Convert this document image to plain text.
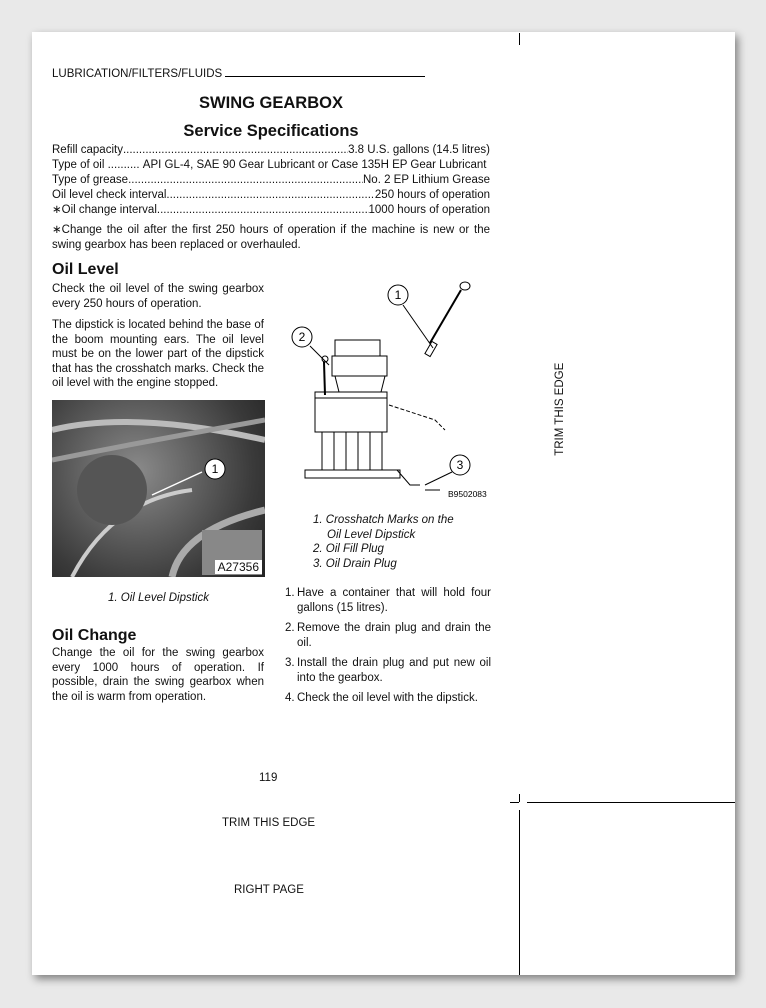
LUBRICATION/FILTERS/FLUIDS
SWING GEARBOX
Service Specifications
Refill capacity .....	3.8 U.S. gallons (14.5 litres)
Type of oil ..........
API GL-4, SAE 90 Gear Lubricant or Case 135H EP Gear Lubricant
Type of grease .....	No. 2 EP Lithium Grease
Oil level check interval .....	250 hours of operation
∗Oil change interval .....	1000 hours of operation
∗Change the oil after the first 250 hours of operation if the machine is new or the swing gearbox has been replaced or overhauled.
Oil Level
Check the oil level of the swing gearbox every 250 hours of operation.
The dipstick is located behind the base of the boom mounting ears. The oil level must be on the lower part of the dipstick that has the crosshatch marks. Check the oil level with the engine stopped.
1
A27356
1. Oil Level Dipstick
Oil Change
Change the oil for the swing gearbox every 1000 hours of operation. If possible, drain the swing gearbox when the oil is warm from operation.
1
2
3
B9502083
1. Crosshatch Marks on the
Oil Level Dipstick
2. Oil Fill Plug
3. Oil Drain Plug
1. Have a container that will hold four gallons (15 litres).
2. Remove the drain plug and drain the oil.
3. Install the drain plug and put new oil into the gearbox.
4. Check the oil level with the dipstick.
119
TRIM THIS EDGE
RIGHT PAGE
TRIM THIS EDGE
